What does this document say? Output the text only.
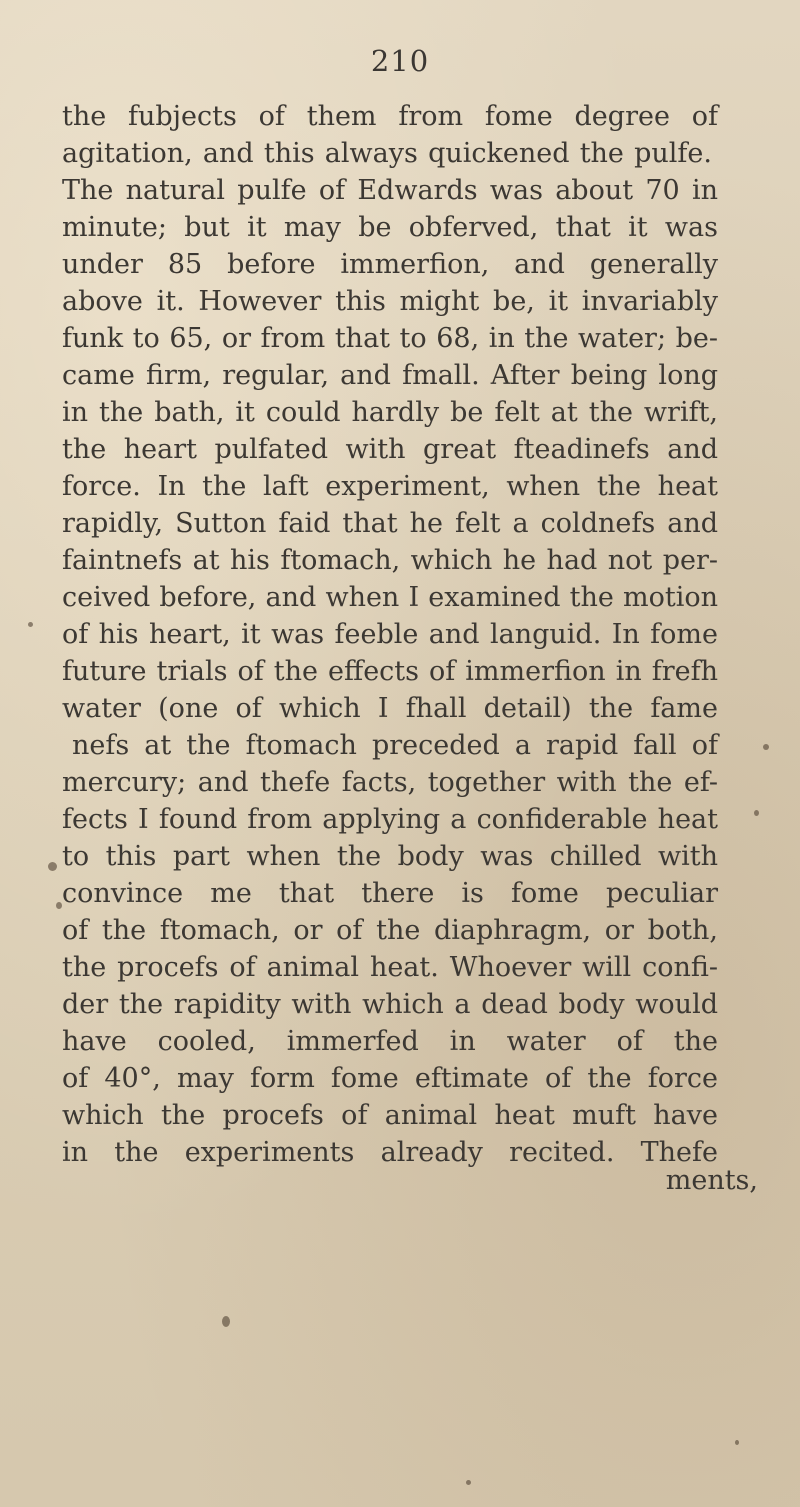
210
the fubjects of them from fome degree of
agitation, and this always quickened the pulfe.
The natural pulfe of Edwards was about 70 in
minute; but it may be obferved, that it was
under 85 before immerfion, and generally
above it. However this might be, it invariably
funk to 65, or from that to 68, in the water; be-
came firm, regular, and fmall. After being long
in the bath, it could hardly be felt at the wrift,
the heart pulfated with great fteadinefs and
force. In the laft experiment, when the heat
rapidly, Sutton faid that he felt a coldnefs and
faintnefs at his ftomach, which he had not per-
ceived before, and when I examined the motion
of his heart, it was feeble and languid. In fome
future trials of the effects of immerfion in frefh
water (one of which I fhall detail) the fame
nefs at the ftomach preceded a rapid fall of
mercury; and thefe facts, together with the ef-
fects I found from applying a confiderable heat
to this part when the body was chilled with
convince me that there is fome peculiar
of the ftomach, or of the diaphragm, or both,
the procefs of animal heat. Whoever will confi-
der the rapidity with which a dead body would
have cooled, immerfed in water of the
of 40°, may form fome eftimate of the force
which the procefs of animal heat muft have
in the experiments already recited. Thefe
ments,
